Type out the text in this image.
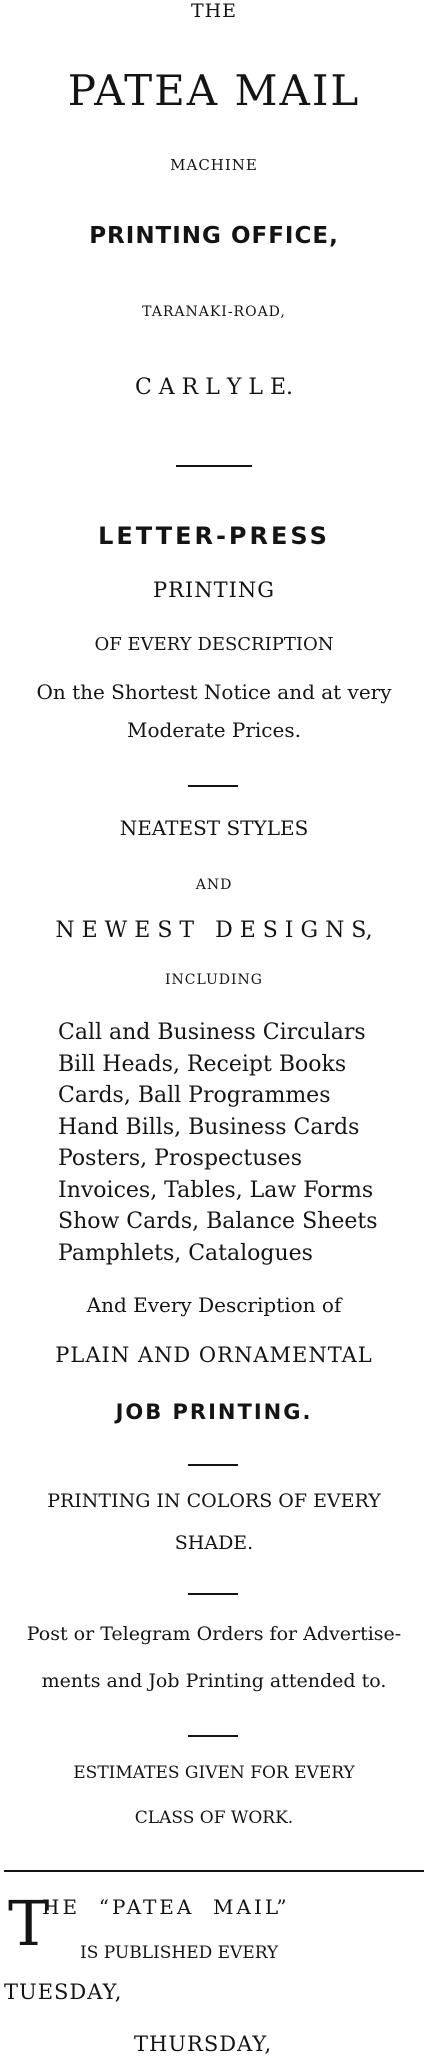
THE
PATEA MAIL
MACHINE
PRINTING OFFICE,
TARANAKI-ROAD,
C A R L Y L E.
LETTER-PRESS
PRINTING
OF EVERY DESCRIPTION
On the Shortest Notice and at very
Moderate Prices.
NEATEST STYLES
AND
N E W E S T   D E S I G N S,
INCLUDING
Call and Business Circulars
Bill Heads, Receipt Books
Cards, Ball Programmes
Hand Bills, Business Cards
Posters, Prospectuses
Invoices, Tables, Law Forms
Show Cards, Balance Sheets
Pamphlets, Catalogues
And Every Description of
PLAIN AND ORNAMENTAL
JOB PRINTING.
PRINTING IN COLORS OF EVERY
SHADE.
Post or Telegram Orders for Advertise-
ments and Job Printing attended to.
ESTIMATES GIVEN FOR EVERY
CLASS OF WORK.
T
HE  “PATEA  MAIL”
IS PUBLISHED EVERY
TUESDAY,
THURSDAY,
